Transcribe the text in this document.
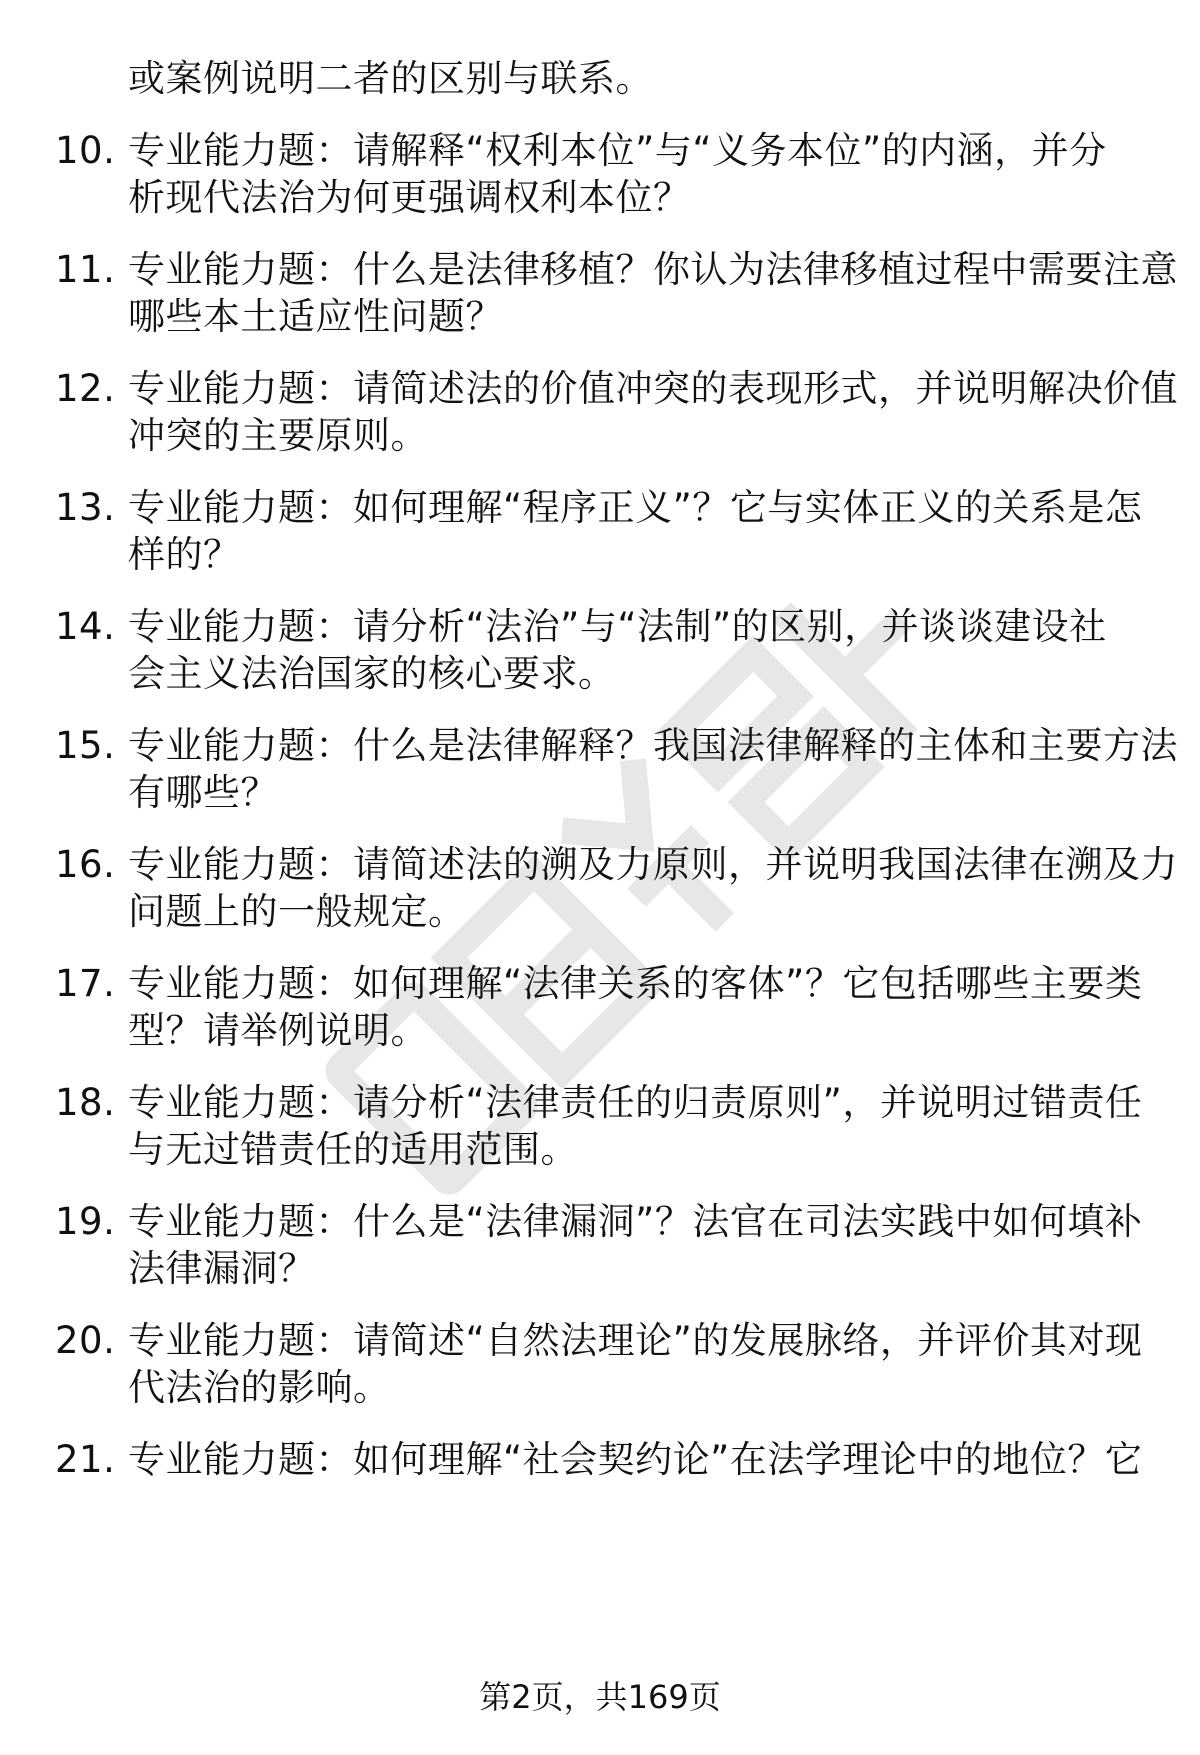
或案例说明二者的区别与联系。
10. 专业能力题：请解释“权利本位”与“义务本位”的内涵，并分
析现代法治为何更强调权利本位？
11. 专业能力题：什么是法律移植？你认为法律移植过程中需要注意
哪些本土适应性问题？
12. 专业能力题：请简述法的价值冲突的表现形式，并说明解决价值
冲突的主要原则。
13. 专业能力题：如何理解“程序正义”？它与实体正义的关系是怎
样的？
14. 专业能力题：请分析“法治”与“法制”的区别，并谈谈建设社
会主义法治国家的核心要求。
15. 专业能力题：什么是法律解释？我国法律解释的主体和主要方法
有哪些？
16. 专业能力题：请简述法的溯及力原则，并说明我国法律在溯及力
问题上的一般规定。
17. 专业能力题：如何理解“法律关系的客体”？它包括哪些主要类
型？请举例说明。
18. 专业能力题：请分析“法律责任的归责原则”，并说明过错责任
与无过错责任的适用范围。
19. 专业能力题：什么是“法律漏洞”？法官在司法实践中如何填补
法律漏洞？
20. 专业能力题：请简述“自然法理论”的发展脉络，并评价其对现
代法治的影响。
21. 专业能力题：如何理解“社会契约论”在法学理论中的地位？它
第2页，共169页
